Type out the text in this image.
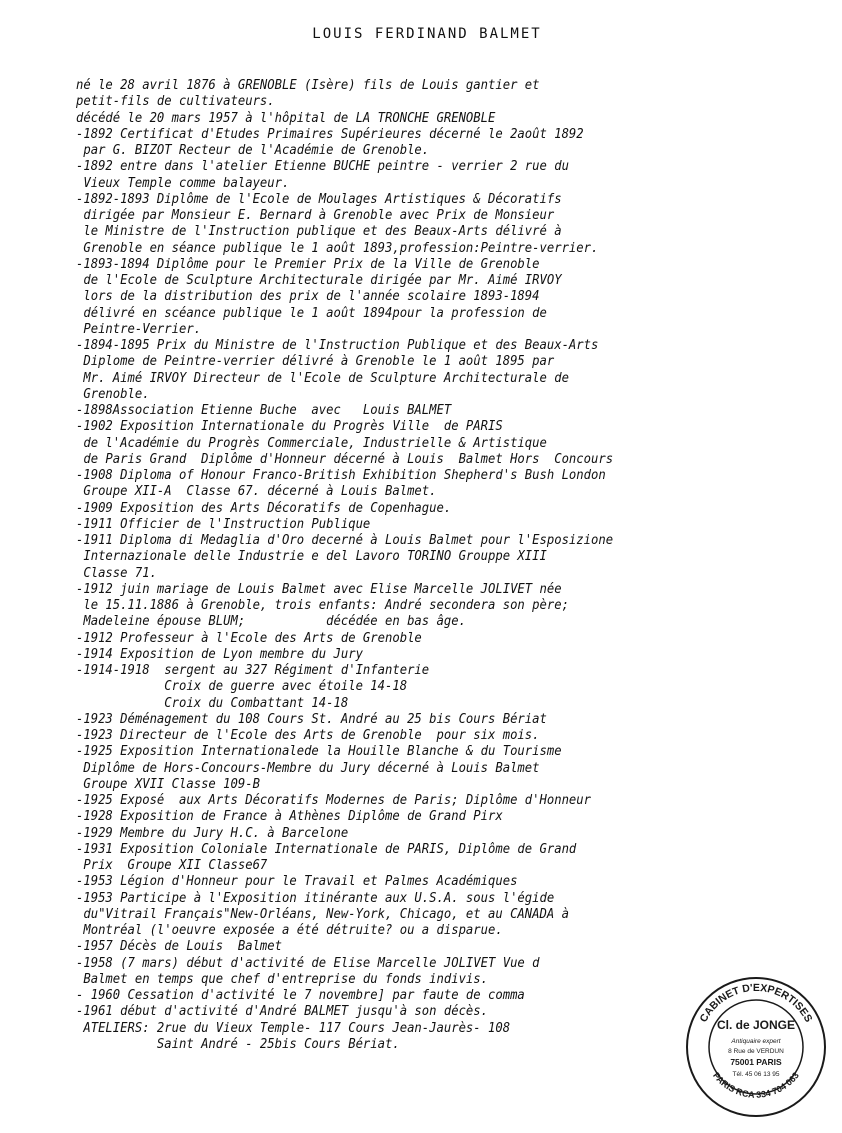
LOUIS FERDINAND BALMET
né le 28 avril 1876 à GRENOBLE (Isère) fils de Louis gantier et
petit-fils de cultivateurs.
décédé le 20 mars 1957 à l'hôpital de LA TRONCHE GRENOBLE
-1892 Certificat d'Etudes Primaires Supérieures décerné le 2août 1892
par G. BIZOT Recteur de l'Académie de Grenoble.
-1892 entre dans l'atelier Etienne BUCHE peintre - verrier 2 rue du
Vieux Temple comme balayeur.
-1892-1893 Diplôme de l'Ecole de Moulages Artistiques & Décoratifs
dirigée par Monsieur E. Bernard à Grenoble avec Prix de Monsieur
le Ministre de l'Instruction publique et des Beaux-Arts délivré à
Grenoble en séance publique le 1 août 1893,profession:Peintre-verrier.
-1893-1894 Diplôme pour le Premier Prix de la Ville de Grenoble
de l'Ecole de Sculpture Architecturale dirigée par Mr. Aimé IRVOY
lors de la distribution des prix de l'année scolaire 1893-1894
délivré en scéance publique le 1 août 1894pour la profession de
Peintre-Verrier.
-1894-1895 Prix du Ministre de l'Instruction Publique et des Beaux-Arts
Diplome de Peintre-verrier délivré à Grenoble le 1 août 1895 par
Mr. Aimé IRVOY Directeur de l'Ecole de Sculpture Architecturale de
Grenoble.
-1898Association Etienne Buche  avec   Louis BALMET
-1902 Exposition Internationale du Progrès Ville  de PARIS
de l'Académie du Progrès Commerciale, Industrielle & Artistique
de Paris Grand  Diplôme d'Honneur décerné à Louis  Balmet Hors  Concours
-1908 Diploma of Honour Franco-British Exhibition Shepherd's Bush London
Groupe XII-A  Classe 67. décerné à Louis Balmet.
-1909 Exposition des Arts Décoratifs de Copenhague.
-1911 Officier de l'Instruction Publique
-1911 Diploma di Medaglia d'Oro decerné à Louis Balmet pour l'Esposizione
Internazionale delle Industrie e del Lavoro TORINO Grouppe XIII
Classe 71.
-1912 juin mariage de Louis Balmet avec Elise Marcelle JOLIVET née
le 15.11.1886 à Grenoble, trois enfants: André secondera son père;
Madeleine épouse BLUM;           décédée en bas âge.
-1912 Professeur à l'Ecole des Arts de Grenoble
-1914 Exposition de Lyon membre du Jury
-1914-1918  sergent au 327 Régiment d'Infanterie
Croix de guerre avec étoile 14-18
Croix du Combattant 14-18
-1923 Déménagement du 108 Cours St. André au 25 bis Cours Bériat
-1923 Directeur de l'Ecole des Arts de Grenoble  pour six mois.
-1925 Exposition Internationalede la Houille Blanche & du Tourisme
Diplôme de Hors-Concours-Membre du Jury décerné à Louis Balmet
Groupe XVII Classe 109-B
-1925 Exposé  aux Arts Décoratifs Modernes de Paris; Diplôme d'Honneur
-1928 Exposition de France à Athènes Diplôme de Grand Pirx
-1929 Membre du Jury H.C. à Barcelone
-1931 Exposition Coloniale Internationale de PARIS, Diplôme de Grand
Prix  Groupe XII Classe67
-1953 Légion d'Honneur pour le Travail et Palmes Académiques
-1953 Participe à l'Exposition itinérante aux U.S.A. sous l'égide
du"Vitrail Français"New-Orléans, New-York, Chicago, et au CANADA à
Montréal (l'oeuvre exposée a été détruite? ou a disparue.
-1957 Décès de Louis  Balmet
-1958 (7 mars) début d'activité de Elise Marcelle JOLIVET Vue d
Balmet en temps que chef d'entreprise du fonds indivis.
- 1960 Cessation d'activité le 7 novembre] par faute de comma
-1961 début d'activité d'André BALMET jusqu'à son décès.
ATELIERS: 2rue du Vieux Temple- 117 Cours Jean-Jaurès- 108
Saint André - 25bis Cours Bériat.
CABINET D'EXPERTISES
PARIS RCA 334 704 063
Cl. de JONGE
Antiquaire expert
8 Rue de VERDUN
75001 PARIS
Tél. 45 06 13 95
